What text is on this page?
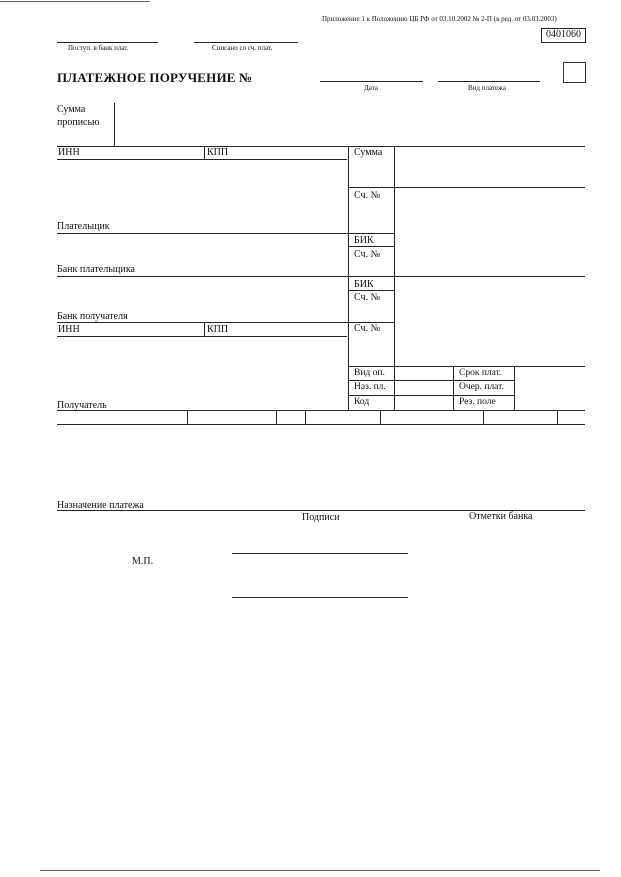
Приложение 1 к Положению ЦБ РФ от 03.10.2002 № 2-П (в ред. от 03.03.2003)
0401060
Поступ. в банк плат.	Списано со сч. плат.
ПЛАТЕЖНОЕ ПОРУЧЕНИЕ №
Дата	Вид платежа
Сумма
прописью
ИНН	КПП	Сумма
Сч. №
Плательщик
БИК
Сч. №
Банк плательщика
БИК
Сч. №
Банк получателя
ИНН	КПП	Сч. №
Вид оп.	Срок плат.
Наз. пл.	Очер. плат.
Код	Рез. поле
Получатель
Назначение платежа
Подписи	Отметки банка
М.П.
